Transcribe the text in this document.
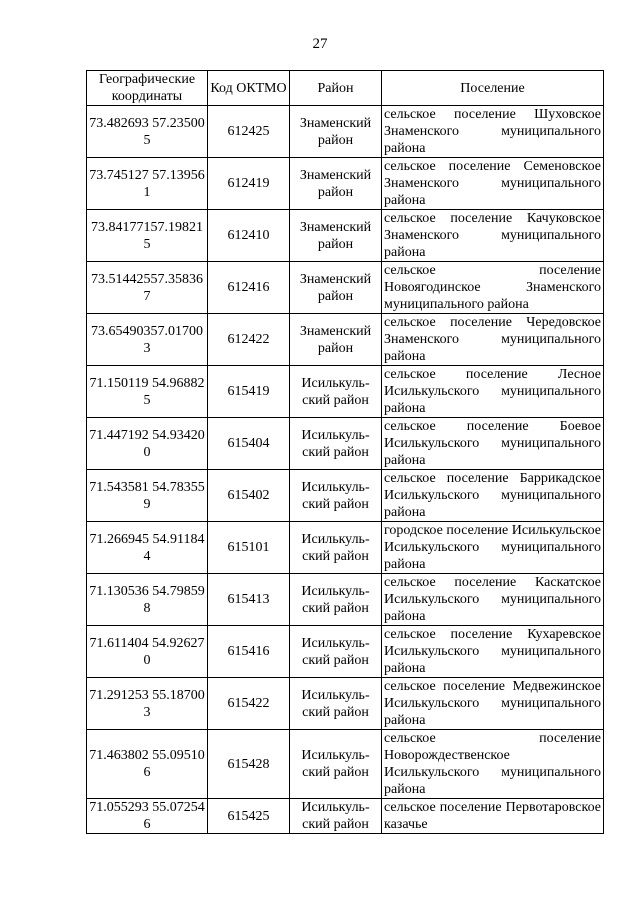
27
Географические координаты	Код ОКТМО	Район	Поселение
73.482693 57.235005	612425	Знаменский район	сельское поселение Шуховское Знаменского муниципального района
73.745127 57.139561	612419	Знаменский район	сельское поселение Семеновское Знаменского муниципального района
73.84177157.198215	612410	Знаменский район	сельское поселение Качуковское Знаменского муниципального района
73.51442557.358367	612416	Знаменский район	сельское поселение Новоягодинское Знаменского муниципального района
73.65490357.017003	612422	Знаменский район	сельское поселение Чередовское Знаменского муниципального района
71.150119 54.968825	615419	Исилькуль-ский район	сельское поселение Лесное Исилькульского муниципального района
71.447192 54.934200	615404	Исилькуль-ский район	сельское поселение Боевое Исилькульского муниципального района
71.543581 54.783559	615402	Исилькуль-ский район	сельское поселение Баррикадское Исилькульского муниципального района
71.266945 54.911844	615101	Исилькуль-ский район	городское поселение Исилькульское Исилькульского муниципального района
71.130536 54.798598	615413	Исилькуль-ский район	сельское поселение Каскатское Исилькульского муниципального района
71.611404 54.926270	615416	Исилькуль-ский район	сельское поселение Кухаревское Исилькульского муниципального района
71.291253 55.187003	615422	Исилькуль-ский район	сельское поселение Медвежинское Исилькульского муниципального района
71.463802 55.095106	615428	Исилькуль-ский район	сельское поселение Новорождественское Исилькульского муниципального района
71.055293 55.072546	615425	Исилькуль-ский район	сельское поселение Первотаровское казачье
